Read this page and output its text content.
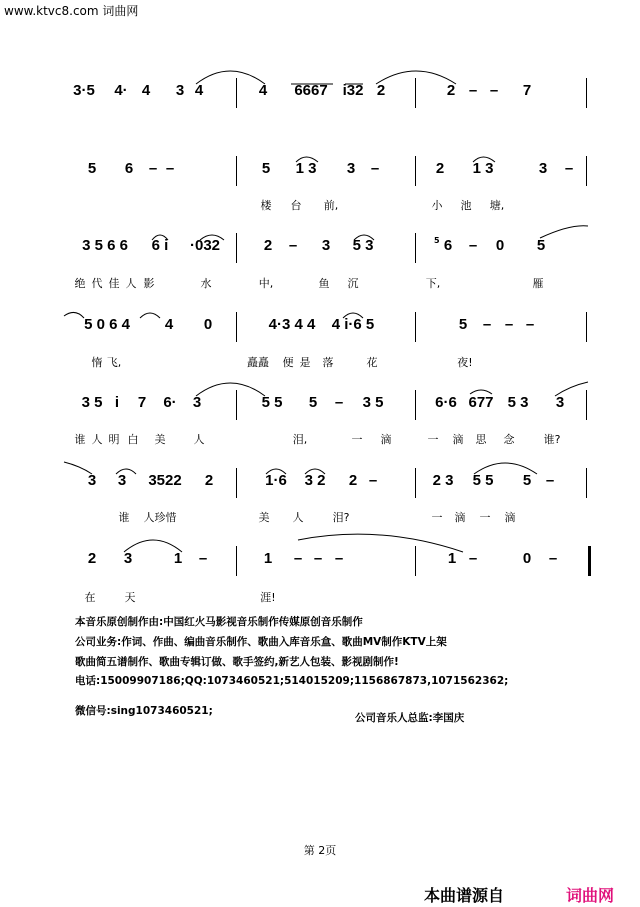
www.ktvc8.com 词曲网
3·5 4· 4 3 4	4 6667 i32 2	2 – – 7
5 6 – –	5 1 3 3 –	2 1 3	3 –
3 5 6 6 6 i ·032	2 – 3 5 3	6 – 0 5
5 0 6 4 4 0	4·3 4 4 4 i·6 5	5 – – –
3 5 i 7 6· 3	5 5 5 – 3 5	6·6 677 5 3 3
3 3 3522 2	1·6 3 2 2 –	2 3 5 5 5 –
2 3	1 –	1 – – –	1 –	0 –
楼 台 前,	小 池 塘,
绝 代 佳 人 影	水	中,	鱼 沉	下,	雁
惰 飞,	矗矗 便 是 落	花	夜!
谁 人 明 白 美	人	泪,	一 滴	一 滴 思 念	谁?
谁 人珍惜	美 人	泪?	一 滴 一 滴
在	天	涯!
5
本音乐原创制作由:中国红火马影视音乐制作传媒原创音乐制作
公司业务:作词、作曲、编曲音乐制作、歌曲入库音乐盒、歌曲MV制作KTV上架
歌曲简五谱制作、歌曲专辑订做、歌手签约,新艺人包装、影视剧制作!
电话:15009907186;QQ:1073460521;514015209;1156867873,1071562362;
微信号:sing1073460521;
公司音乐人总监:李国庆
第 2页
本曲谱源自	词曲网
